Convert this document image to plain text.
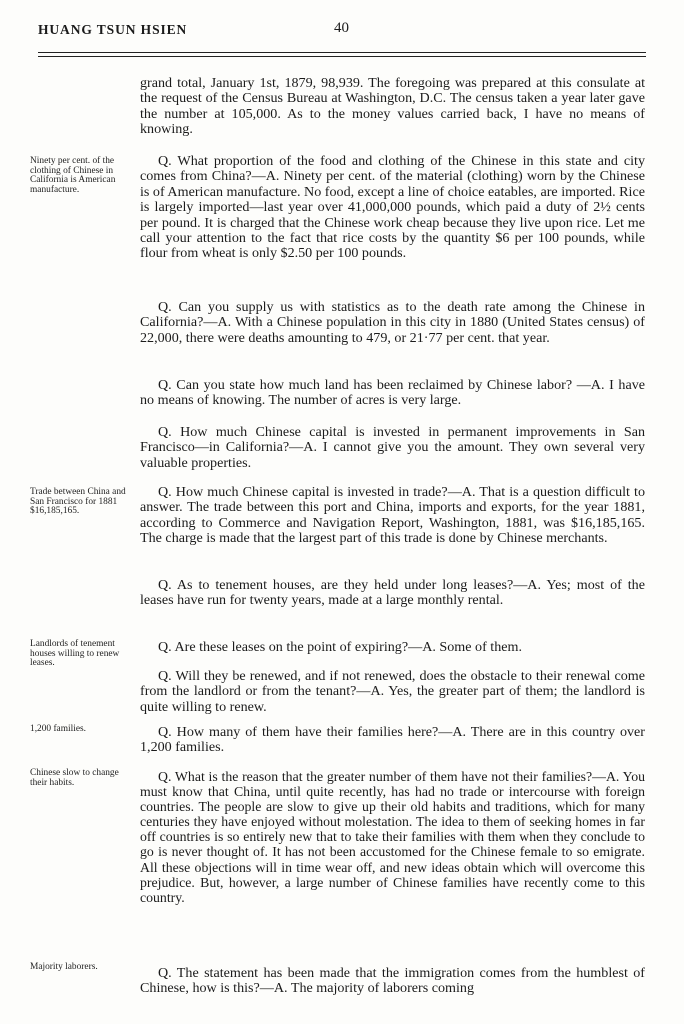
HUANG TSUN HSIEN	40
Ninety per cent. of the clothing of Chinese in California is American manufacture.
Trade between China and San Francisco for 1881 $16,185,165.
Landlords of tenement houses willing to renew leases.
1,200 families.
Chinese slow to change their habits.
Majority laborers.

grand total, January 1st, 1879, 98,939. The foregoing was prepared at this consulate at the request of the Census Bureau at Washington, D.C. The census taken a year later gave the number at 105,000. As to the money values carried back, I have no means of knowing.

Q. What proportion of the food and clothing of the Chinese in this state and city comes from China?—A. Ninety per cent. of the material (clothing) worn by the Chinese is of American manufacture. No food, except a line of choice eatables, are imported. Rice is largely imported—last year over 41,000,000 pounds, which paid a duty of 2½ cents per pound. It is charged that the Chinese work cheap because they live upon rice. Let me call your attention to the fact that rice costs by the quantity $6 per 100 pounds, while flour from wheat is only $2.50 per 100 pounds.

Q. Can you supply us with statistics as to the death rate among the Chinese in California?—A. With a Chinese population in this city in 1880 (United States census) of 22,000, there were deaths amounting to 479, or 21·77 per cent. that year.

Q. Can you state how much land has been reclaimed by Chinese labor? —A. I have no means of knowing. The number of acres is very large.

Q. How much Chinese capital is invested in permanent improvements in San Francisco—in California?—A. I cannot give you the amount. They own several very valuable properties.

Q. How much Chinese capital is invested in trade?—A. That is a question difficult to answer. The trade between this port and China, imports and exports, for the year 1881, according to Commerce and Navigation Report, Washington, 1881, was $16,185,165. The charge is made that the largest part of this trade is done by Chinese merchants.

Q. As to tenement houses, are they held under long leases?—A. Yes; most of the leases have run for twenty years, made at a large monthly rental.

Q. Are these leases on the point of expiring?—A. Some of them.

Q. Will they be renewed, and if not renewed, does the obstacle to their renewal come from the landlord or from the tenant?—A. Yes, the greater part of them; the landlord is quite willing to renew.

Q. How many of them have their families here?—A. There are in this country over 1,200 families.

Q. What is the reason that the greater number of them have not their families?—A. You must know that China, until quite recently, has had no trade or intercourse with foreign countries. The people are slow to give up their old habits and traditions, which for many centuries they have enjoyed without molestation. The idea to them of seeking homes in far off countries is so entirely new that to take their families with them when they conclude to go is never thought of. It has not been accustomed for the Chinese female to so emigrate. All these objections will in time wear off, and new ideas obtain which will overcome this prejudice. But, however, a large number of Chinese families have recently come to this country.

Q. The statement has been made that the immigration comes from the humblest of Chinese, how is this?—A. The majority of laborers coming
